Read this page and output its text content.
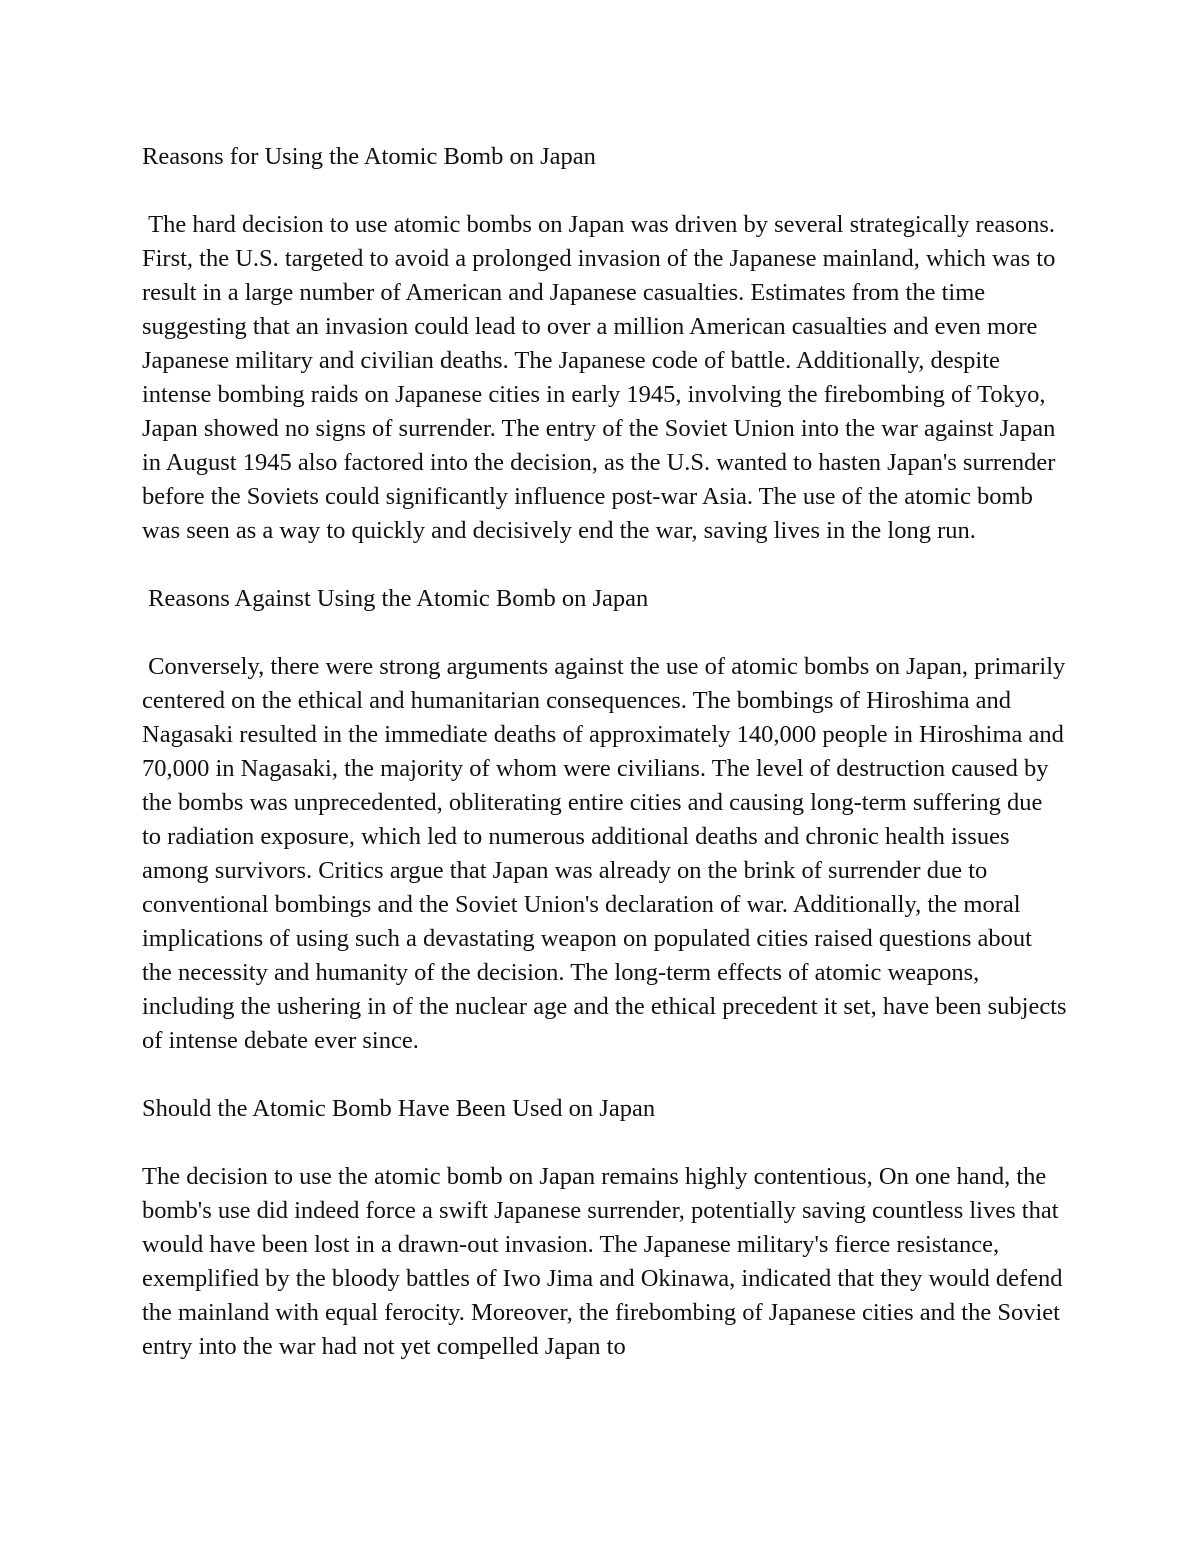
Reasons for Using the Atomic Bomb on Japan

The hard decision to use atomic bombs on Japan was driven by several strategically reasons. First, the U.S. targeted to avoid a prolonged invasion of the Japanese mainland, which was to result in a large number of American and Japanese casualties. Estimates from the time suggesting that an invasion could lead to over a million American casualties and even more Japanese military and civilian deaths. The Japanese code of battle. Additionally, despite intense bombing raids on Japanese cities in early 1945, involving the firebombing of Tokyo, Japan showed no signs of surrender. The entry of the Soviet Union into the war against Japan in August 1945 also factored into the decision, as the U.S. wanted to hasten Japan's surrender before the Soviets could significantly influence post-war Asia. The use of the atomic bomb was seen as a way to quickly and decisively end the war, saving lives in the long run.

Reasons Against Using the Atomic Bomb on Japan

Conversely, there were strong arguments against the use of atomic bombs on Japan, primarily centered on the ethical and humanitarian consequences. The bombings of Hiroshima and Nagasaki resulted in the immediate deaths of approximately 140,000 people in Hiroshima and 70,000 in Nagasaki, the majority of whom were civilians. The level of destruction caused by the bombs was unprecedented, obliterating entire cities and causing long-term suffering due to radiation exposure, which led to numerous additional deaths and chronic health issues among survivors. Critics argue that Japan was already on the brink of surrender due to conventional bombings and the Soviet Union's declaration of war. Additionally, the moral implications of using such a devastating weapon on populated cities raised questions about the necessity and humanity of the decision. The long-term effects of atomic weapons, including the ushering in of the nuclear age and the ethical precedent it set, have been subjects of intense debate ever since.

Should the Atomic Bomb Have Been Used on Japan

The decision to use the atomic bomb on Japan remains highly contentious, On one hand, the bomb's use did indeed force a swift Japanese surrender, potentially saving countless lives that would have been lost in a drawn-out invasion. The Japanese military's fierce resistance, exemplified by the bloody battles of Iwo Jima and Okinawa, indicated that they would defend the mainland with equal ferocity. Moreover, the firebombing of Japanese cities and the Soviet entry into the war had not yet compelled Japan to
